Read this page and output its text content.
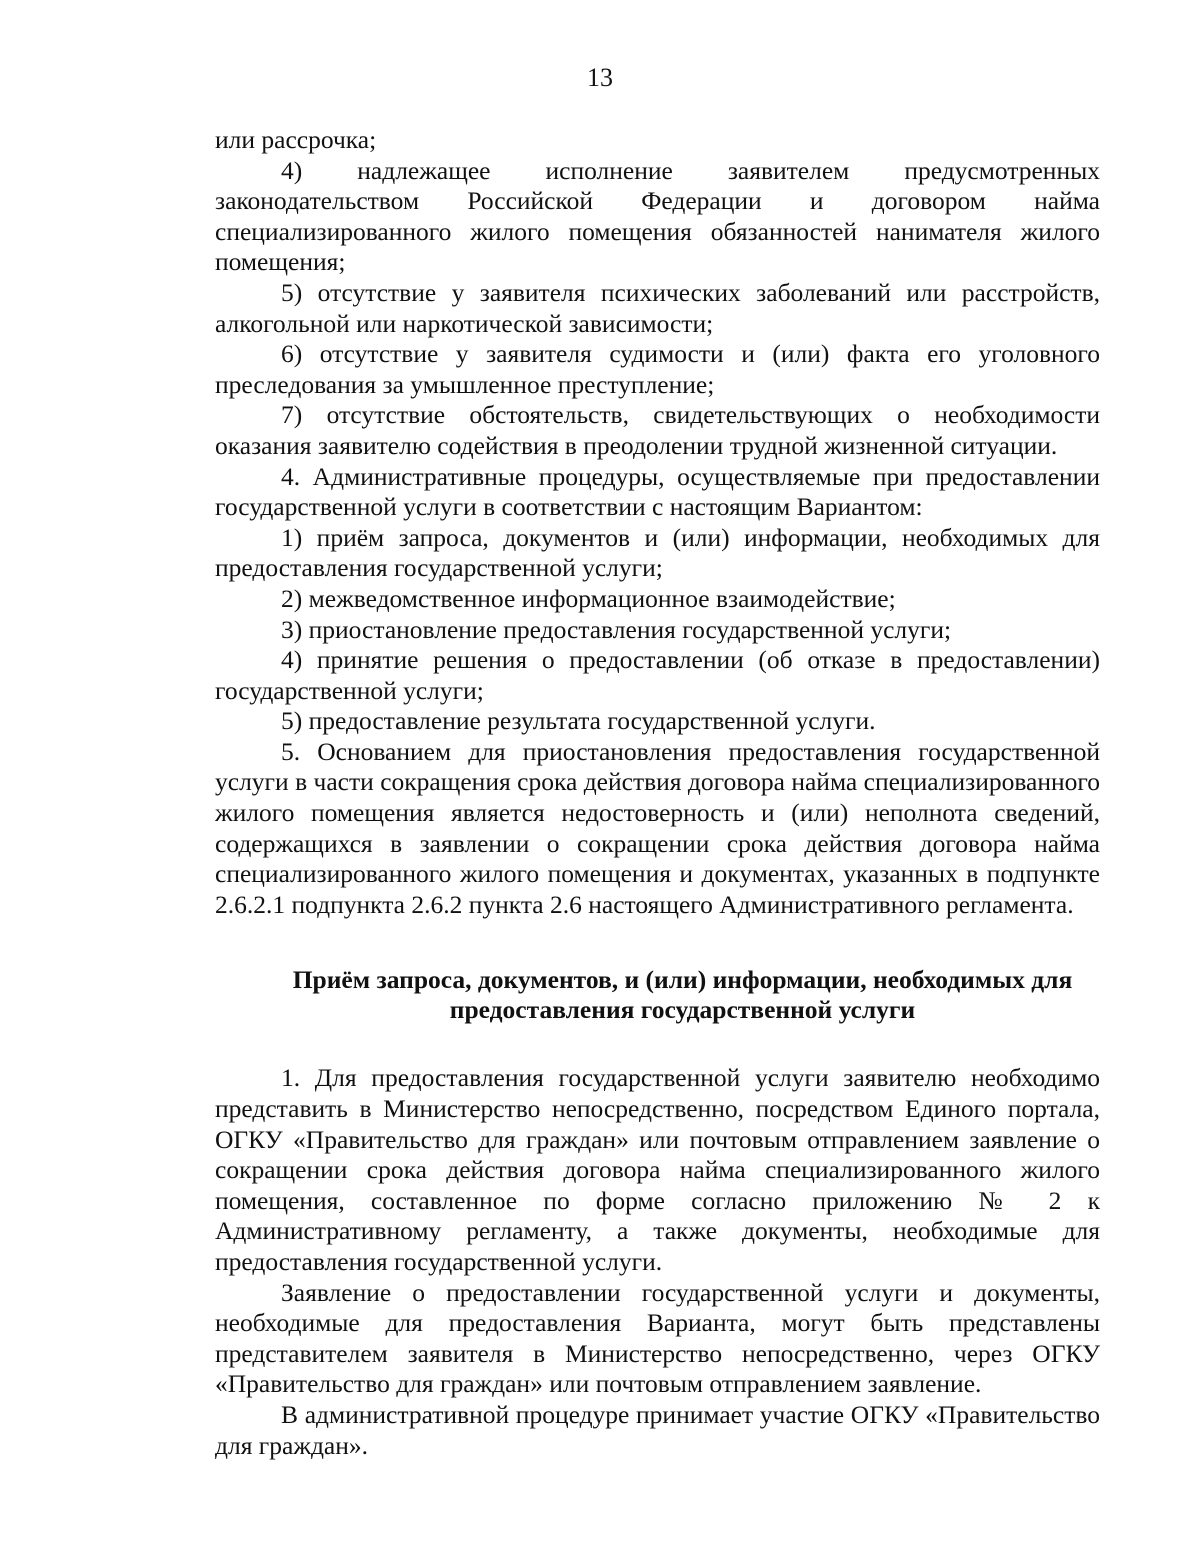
13

или рассрочка;

4) надлежащее исполнение заявителем предусмотренных законодательством Российской Федерации и договором найма специализированного жилого помещения обязанностей нанимателя жилого помещения;

5) отсутствие у заявителя психических заболеваний или расстройств, алкогольной или наркотической зависимости;

6) отсутствие у заявителя судимости и (или) факта его уголовного преследования за умышленное преступление;

7) отсутствие обстоятельств, свидетельствующих о необходимости оказания заявителю содействия в преодолении трудной жизненной ситуации.

4. Административные процедуры, осуществляемые при предоставлении государственной услуги в соответствии с настоящим Вариантом:

1) приём запроса, документов и (или) информации, необходимых для предоставления государственной услуги;

2) межведомственное информационное взаимодействие;

3) приостановление предоставления государственной услуги;

4) принятие решения о предоставлении (об отказе в предоставлении) государственной услуги;

5) предоставление результата государственной услуги.

5. Основанием для приостановления предоставления государственной услуги в части сокращения срока действия договора найма специализированного жилого помещения является недостоверность и (или) неполнота сведений, содержащихся в заявлении о сокращении срока действия договора найма специализированного жилого помещения и документах, указанных в подпункте 2.6.2.1 подпункта 2.6.2 пункта 2.6 настоящего Административного регламента.

Приём запроса, документов, и (или) информации, необходимых для
предоставления государственной услуги

1. Для предоставления государственной услуги заявителю необходимо представить в Министерство непосредственно, посредством Единого портала, ОГКУ «Правительство для граждан» или почтовым отправлением заявление о сокращении срока действия договора найма специализированного жилого помещения, составленное по форме согласно приложению № 2 к Административному регламенту, а также документы, необходимые для предоставления государственной услуги.

Заявление о предоставлении государственной услуги и документы, необходимые для предоставления Варианта, могут быть представлены представителем заявителя в Министерство непосредственно, через ОГКУ «Правительство для граждан» или почтовым отправлением заявление.

В административной процедуре принимает участие ОГКУ «Правительство для граждан».
